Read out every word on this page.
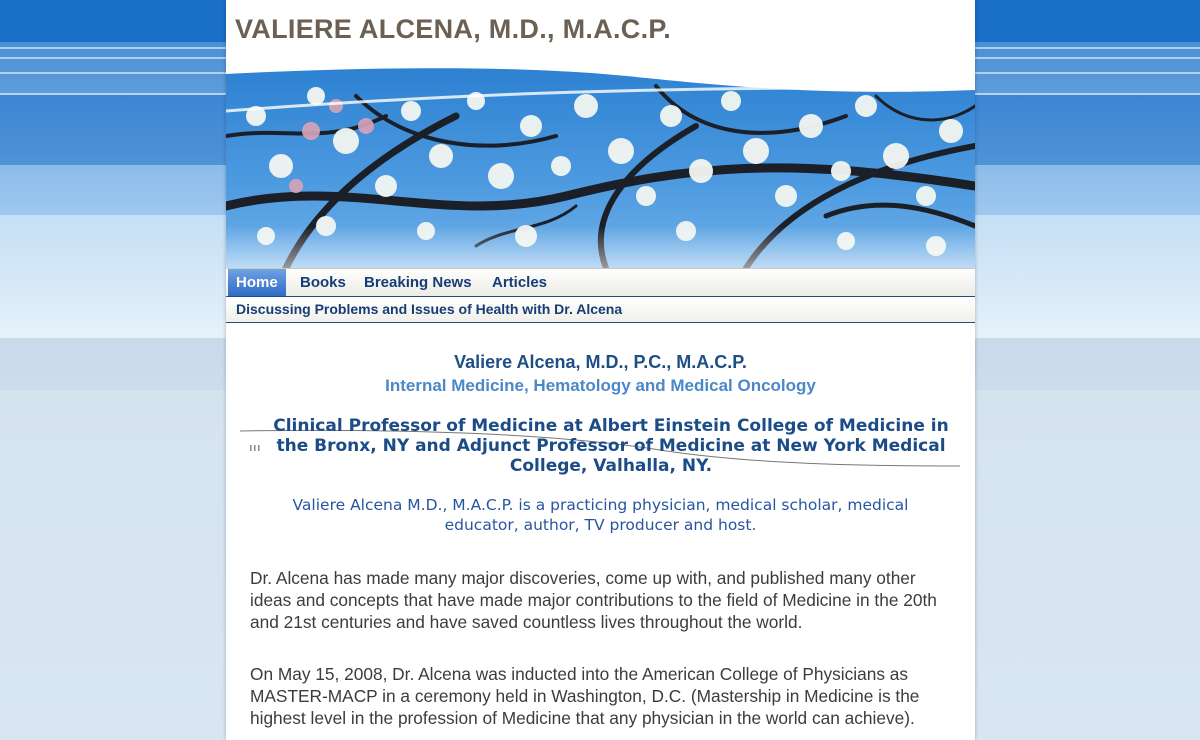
VALIERE ALCENA, M.D., M.A.C.P.
Home	Books Breaking News Articles
Discussing Problems and Issues of Health with Dr. Alcena
Valiere Alcena, M.D., P.C., M.A.C.P.
Internal Medicine, Hematology and Medical Oncology

Clinical Professor of Medicine at Albert Einstein College of Medicine in the Bronx, NY and Adjunct Professor of Medicine at New York Medical College, Valhalla, NY.

Valiere Alcena M.D., M.A.C.P. is a practicing physician, medical scholar, medical educator, author, TV producer and host.

Dr. Alcena has made many major discoveries, come up with, and published many other ideas and concepts that have made major contributions to the field of Medicine in the 20th and 21st centuries and have saved countless lives throughout the world.

On May 15, 2008, Dr. Alcena was inducted into the American College of Physicians as MASTER-MACP in a ceremony held in Washington, D.C. (Mastership in Medicine is the highest level in the profession of Medicine that any physician in the world can achieve).
